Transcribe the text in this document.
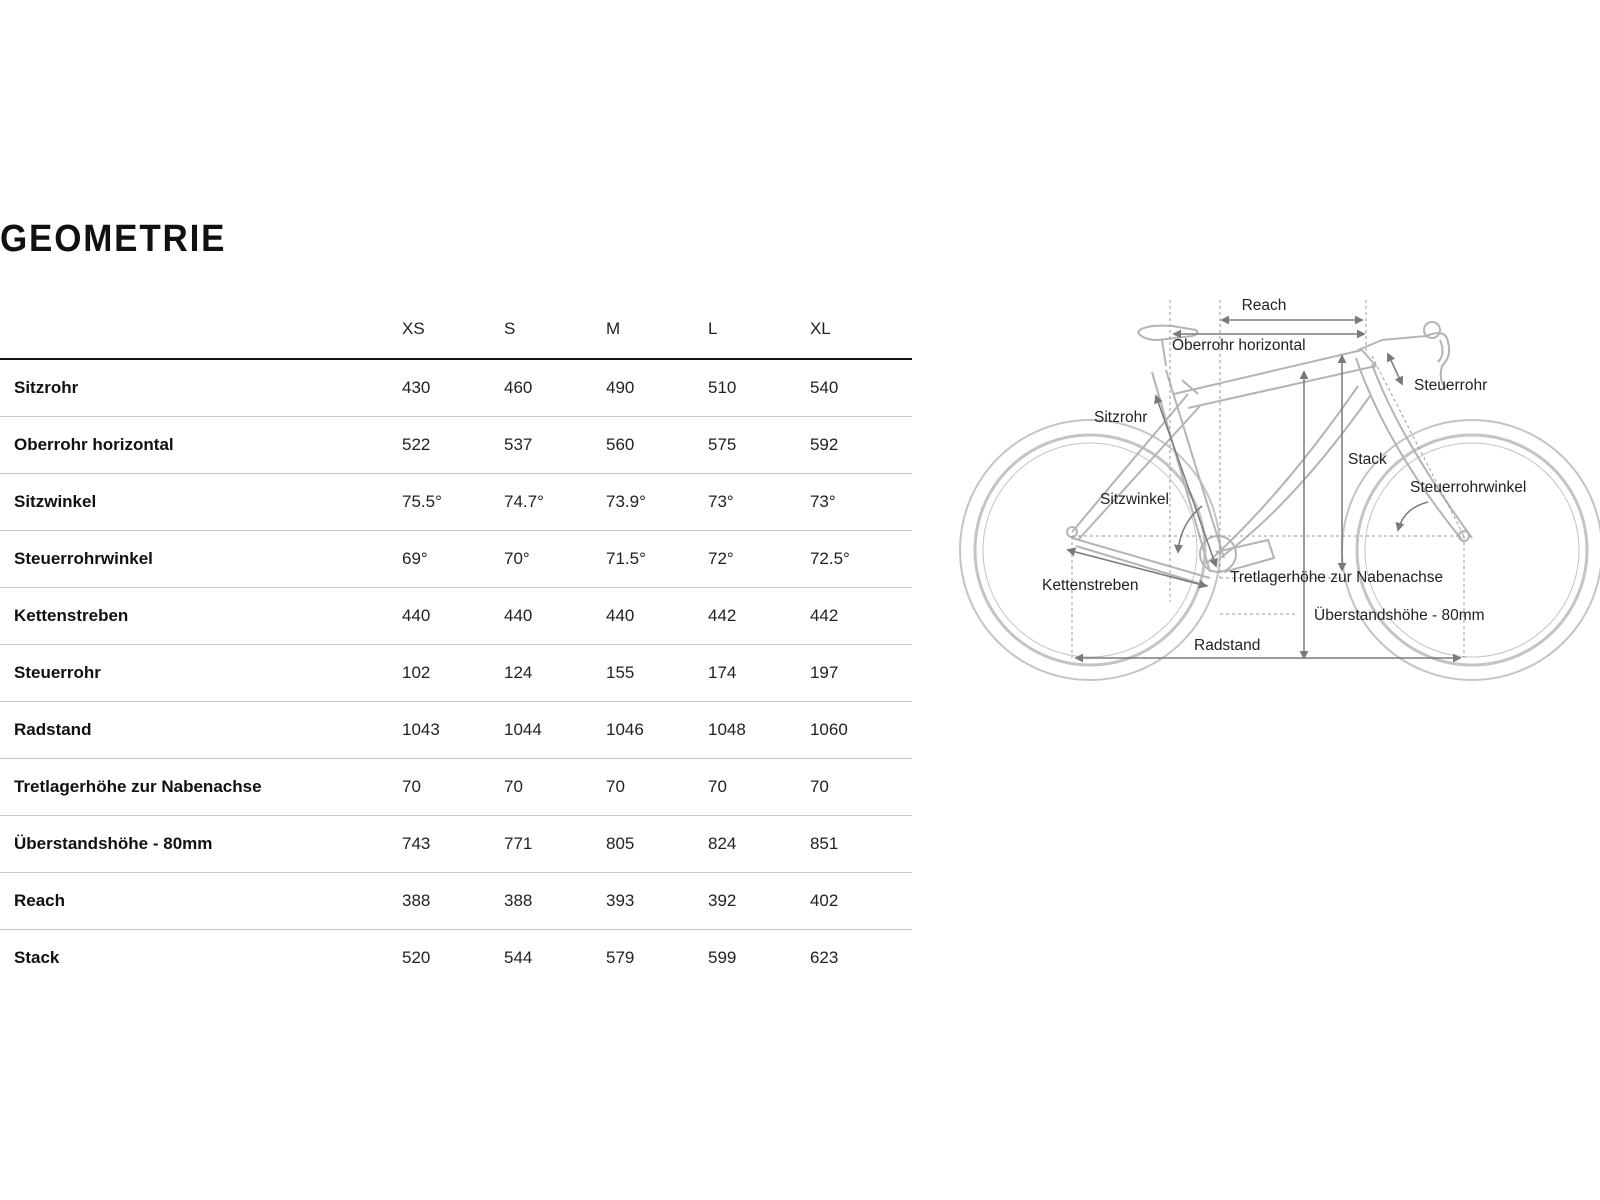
GEOMETRIE
	XS	S	M	L	XL
Sitzrohr	430	460	490	510	540
Oberrohr horizontal	522	537	560	575	592
Sitzwinkel	75.5°	74.7°	73.9°	73°	73°
Steuerrohrwinkel	69°	70°	71.5°	72°	72.5°
Kettenstreben	440	440	440	442	442
Steuerrohr	102	124	155	174	197
Radstand	1043	1044	1046	1048	1060
Tretlagerhöhe zur Nabenachse	70	70	70	70	70
Überstandshöhe - 80mm	743	771	805	824	851
Reach	388	388	393	392	402
Stack	520	544	579	599	623
Reach
Oberrohr horizontal
Steuerrohr
Sitzrohr
Stack
Sitzwinkel
Steuerrohrwinkel
Kettenstreben	Tretlagerhöhe zur Nabenachse
Überstandshöhe - 80mm
Radstand
